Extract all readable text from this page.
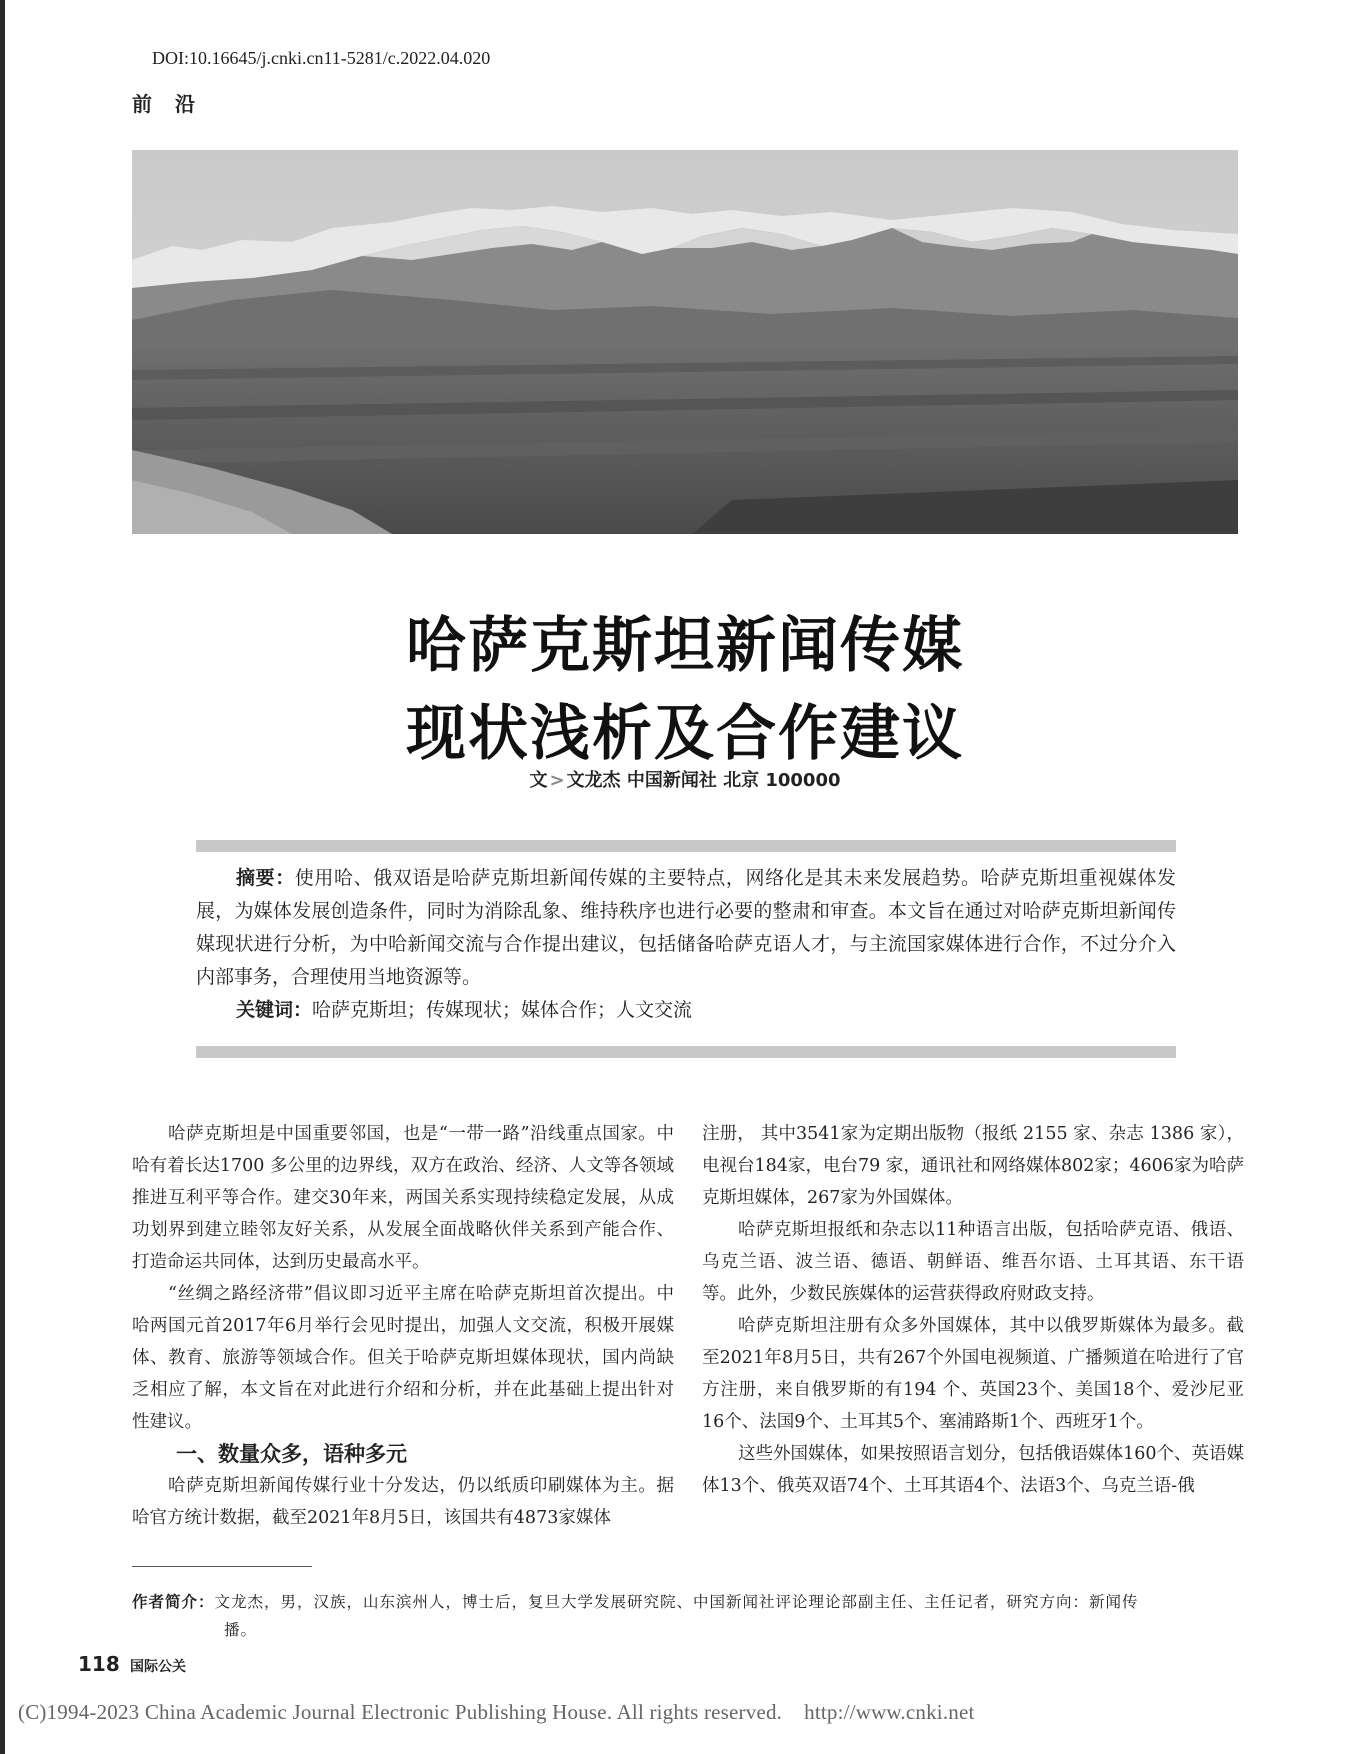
DOI:10.16645/j.cnki.cn11-5281/c.2022.04.020
前 沿
哈萨克斯坦新闻传媒
现状浅析及合作建议
文 > 文龙杰 中国新闻社 北京 100000

摘要：使用哈、俄双语是哈萨克斯坦新闻传媒的主要特点，网络化是其未来发展趋势。哈萨克斯坦重视媒体发展，为媒体发展创造条件，同时为消除乱象、维持秩序也进行必要的整肃和审查。本文旨在通过对哈萨克斯坦新闻传媒现状进行分析，为中哈新闻交流与合作提出建议，包括储备哈萨克语人才，与主流国家媒体进行合作，不过分介入内部事务，合理使用当地资源等。

关键词：哈萨克斯坦；传媒现状；媒体合作；人文交流

哈萨克斯坦是中国重要邻国，也是“一带一路”沿线重点国家。中哈有着长达1700 多公里的边界线，双方在政治、经济、人文等各领域推进互利平等合作。建交30年来，两国关系实现持续稳定发展，从成功划界到建立睦邻友好关系，从发展全面战略伙伴关系到产能合作、打造命运共同体，达到历史最高水平。

“丝绸之路经济带”倡议即习近平主席在哈萨克斯坦首次提出。中哈两国元首2017年6月举行会见时提出，加强人文交流，积极开展媒体、教育、旅游等领域合作。但关于哈萨克斯坦媒体现状，国内尚缺乏相应了解，本文旨在对此进行介绍和分析，并在此基础上提出针对性建议。

一、数量众多，语种多元

哈萨克斯坦新闻传媒行业十分发达，仍以纸质印刷媒体为主。据哈官方统计数据，截至2021年8月5日，该国共有4873家媒体

注册， 其中3541家为定期出版物（报纸 2155 家、杂志 1386 家），电视台184家，电台79 家，通讯社和网络媒体802家；4606家为哈萨克斯坦媒体，267家为外国媒体。

哈萨克斯坦报纸和杂志以11种语言出版，包括哈萨克语、俄语、乌克兰语、波兰语、德语、朝鲜语、维吾尔语、土耳其语、东干语等。此外，少数民族媒体的运营获得政府财政支持。

哈萨克斯坦注册有众多外国媒体，其中以俄罗斯媒体为最多。截至2021年8月5日，共有267个外国电视频道、广播频道在哈进行了官方注册，来自俄罗斯的有194 个、英国23个、美国18个、爱沙尼亚16个、法国9个、土耳其5个、塞浦路斯1个、西班牙1个。

这些外国媒体，如果按照语言划分，包括俄语媒体160个、英语媒体13个、俄英双语74个、土耳其语4个、法语3个、乌克兰语-俄

作者简介：文龙杰，男，汉族，山东滨州人，博士后，复旦大学发展研究院、中国新闻社评论理论部副主任、主任记者，研究方向：新闻传
播。
118 国际公关
(C)1994-2023 China Academic Journal Electronic Publishing House. All rights reserved. http://www.cnki.net
